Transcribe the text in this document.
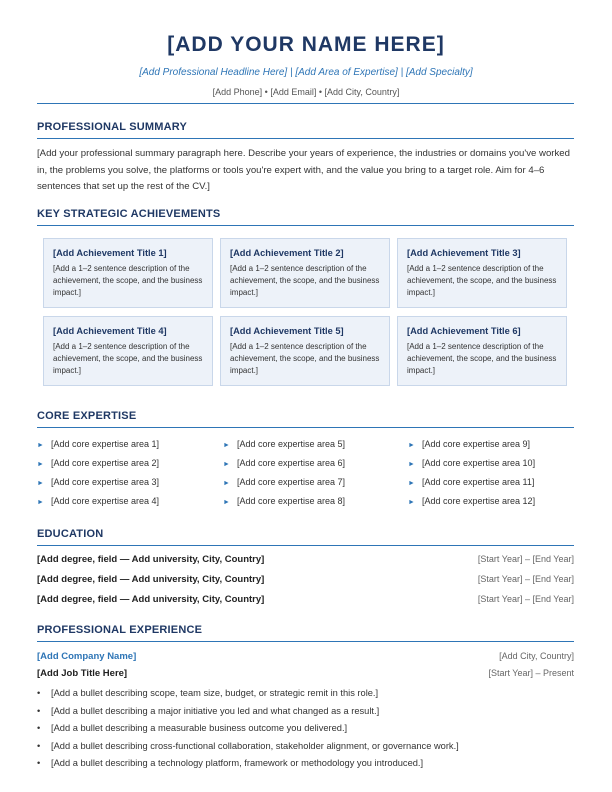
[ADD YOUR NAME HERE]
[Add Professional Headline Here] | [Add Area of Expertise] | [Add Specialty]
[Add Phone] • [Add Email] • [Add City, Country]
PROFESSIONAL SUMMARY
[Add your professional summary paragraph here. Describe your years of experience, the industries or domains you've worked in, the problems you solve, the platforms or tools you're expert with, and the value you bring to a target role. Aim for 4–6 sentences that set up the rest of the CV.]
KEY STRATEGIC ACHIEVEMENTS
[Add Achievement Title 1]
[Add a 1–2 sentence description of the achievement, the scope, and the business impact.]
[Add Achievement Title 2]
[Add a 1–2 sentence description of the achievement, the scope, and the business impact.]
[Add Achievement Title 3]
[Add a 1–2 sentence description of the achievement, the scope, and the business impact.]
[Add Achievement Title 4]
[Add a 1–2 sentence description of the achievement, the scope, and the business impact.]
[Add Achievement Title 5]
[Add a 1–2 sentence description of the achievement, the scope, and the business impact.]
[Add Achievement Title 6]
[Add a 1–2 sentence description of the achievement, the scope, and the business impact.]
CORE EXPERTISE
► [Add core expertise area 1]
► [Add core expertise area 2]
► [Add core expertise area 3]
► [Add core expertise area 4]
► [Add core expertise area 5]
► [Add core expertise area 6]
► [Add core expertise area 7]
► [Add core expertise area 8]
► [Add core expertise area 9]
► [Add core expertise area 10]
► [Add core expertise area 11]
► [Add core expertise area 12]
EDUCATION
[Add degree, field — Add university, City, Country]	[Start Year] – [End Year]
[Add degree, field — Add university, City, Country]	[Start Year] – [End Year]
[Add degree, field — Add university, City, Country]	[Start Year] – [End Year]
PROFESSIONAL EXPERIENCE
[Add Company Name]	[Add City, Country]
[Add Job Title Here]	[Start Year] – Present
• [Add a bullet describing scope, team size, budget, or strategic remit in this role.]
• [Add a bullet describing a major initiative you led and what changed as a result.]
• [Add a bullet describing a measurable business outcome you delivered.]
• [Add a bullet describing cross-functional collaboration, stakeholder alignment, or governance work.]
• [Add a bullet describing a technology platform, framework or methodology you introduced.]
